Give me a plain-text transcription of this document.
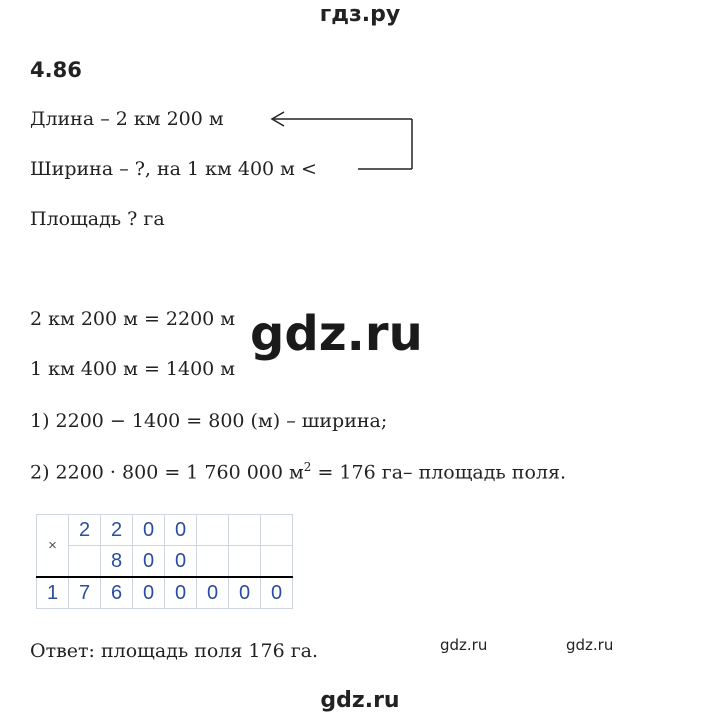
гдз.ру
4.86
Длина – 2 км 200 м
Ширина – ?, на 1 км 400 м <
Площадь ? га
2 км 200 м = 2200 м
1 км 400 м = 1400 м
gdz.ru
1) 2200 − 1400 = 800 (м) – ширина;
2) 2200 · 800 = 1 760 000 $м^2 = 176$ га– площадь поля.
×	2	2	0	0			
		8	0	0			
1	7	6	0	0	0	0	0
Ответ: площадь поля 176 га.	gdz.ru	gdz.ru
gdz.ru
